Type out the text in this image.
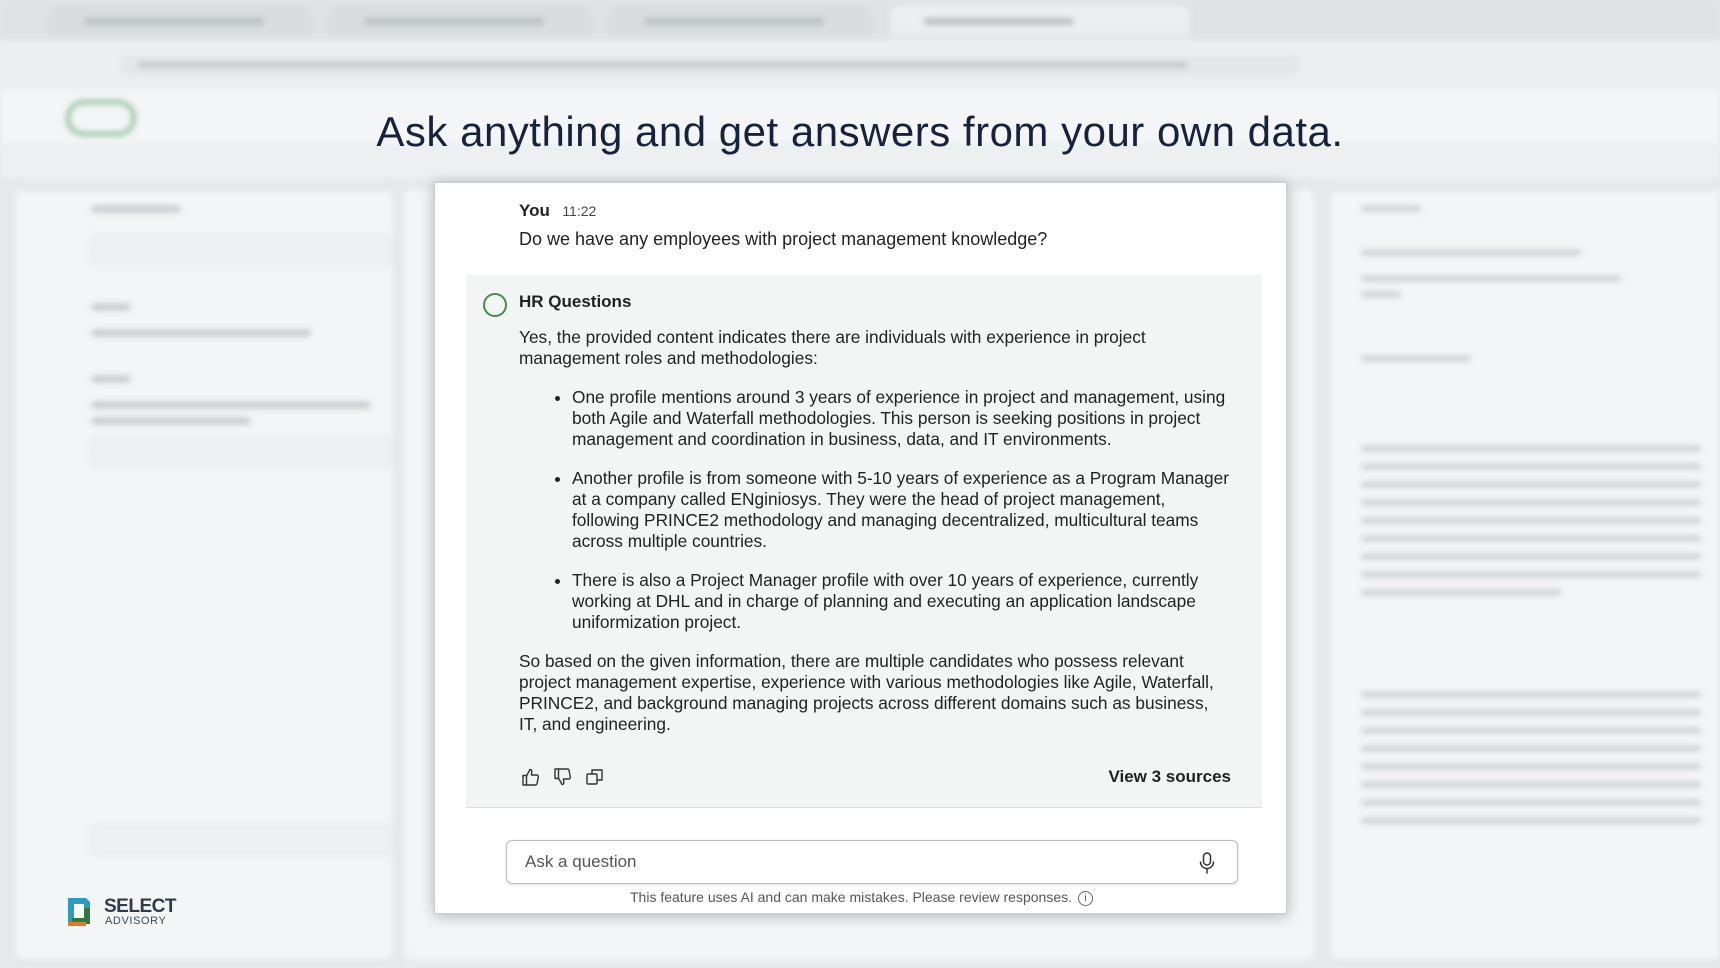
Ask anything and get answers from your own data.
You 11:22
Do we have any employees with project management knowledge?
HR Questions

Yes, the provided content indicates there are individuals with experience in project management roles and methodologies:

• One profile mentions around 3 years of experience in project and management, using both Agile and Waterfall methodologies. This person is seeking positions in project management and coordination in business, data, and IT environments.
• Another profile is from someone with 5-10 years of experience as a Program Manager at a company called ENginiosys. They were the head of project management, following PRINCE2 methodology and managing decentralized, multicultural teams across multiple countries.
• There is also a Project Manager profile with over 10 years of experience, currently working at DHL and in charge of planning and executing an application landscape uniformization project.

So based on the given information, there are multiple candidates who possess relevant project management expertise, experience with various methodologies like Agile, Waterfall, PRINCE2, and background managing projects across different domains such as business, IT, and engineering.

View 3 sources
Ask a question
This feature uses AI and can make mistakes. Please review responses. i
SELECT
ADVISORY
